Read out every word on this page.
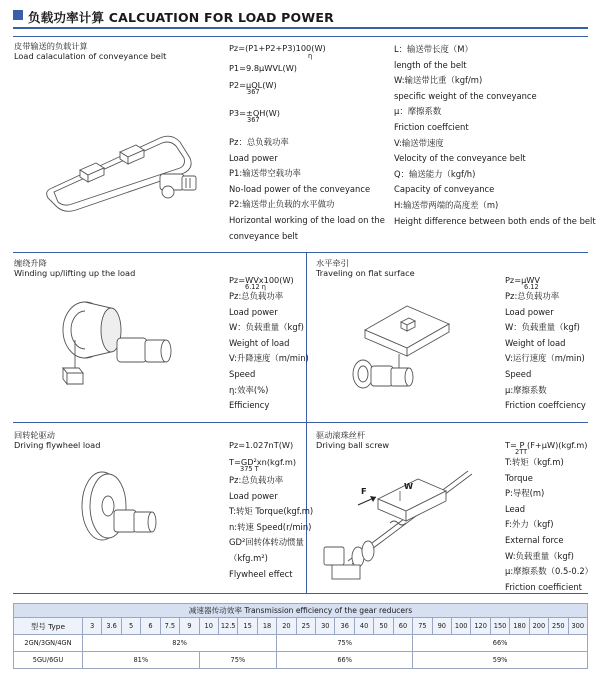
负载功率计算 CALCUATION FOR LOAD POWER
皮带输送的负载计算
Load calaculation of conveyance belt
Pz=(P1+P2+P3)100(W)
η
P1=9.8μWVL(W)
P2=μQL(W)
367
P3=±QH(W)
367
Pz：总负载功率
Load power
P1:输送带空载功率
No-load power of the conveyance
P2:输送带止负载的水平做功
Horizontal working of the load on the
conveyance belt
L：输送带长度（M）
length of the belt
W:输送带比重（kgf/m)
specific weight of the conveyance
μ：摩擦系数
Friction coeffcient
V:输送带速度
Velocity of the conveyance belt
Q：输送能力（kgf/h)
Capacity of conveyance
H:输送带两端的高度差（m)
Height difference between both ends of the belt
缠绕升降
Winding up/lifting up the load
Pz=WVx100(W)
6.12 η
Pz:总负载功率
Load power
W：负载重量（kgf)
Weight of load
V:升降速度（m/min)
Speed
η:效率(%)
Efficiency
水平牵引
Traveling on flat surface
Pz=μWV
6.12
Pz:总负载功率
Load power
W：负载重量（kgf)
Weight of load
V:运行速度（m/min)
Speed
μ:摩擦系数
Friction coeffciency
回转轮驱动
Driving flywheel load	Pz=1.027nT(W)
T=GD²xn(kgf.m)
375 T
Pz:总负载功率
Load power
T:转矩 Torque(kgf.m)
n:转速 Speed(r/min)
GD²回转体转动惯量
（kfg.m²)
Flywheel effect
驱动滚珠丝杆
Driving ball screw
F	W
T= P (F+μW)(kgf.m)
2TT
T:转矩（kgf.m)
Torque
P:导程(m)
Lead
F:外力（kgf)
External force
W:负载重量（kgf)
μ:摩擦系数（0.5-0.2）
Friction coefficient
减速器传动效率 Transmission efficiency of the gear reducers																										
型号 Type	3	3.6	5	6	7.5	9	10	12.5	15	18	20	25	30	36	40	50	60	75	90	100	120	150	180	200	250	300
2GN/3GN/4GN	82%										75%							66%								
5GU/6GU	81%						75%				66%							59%								
